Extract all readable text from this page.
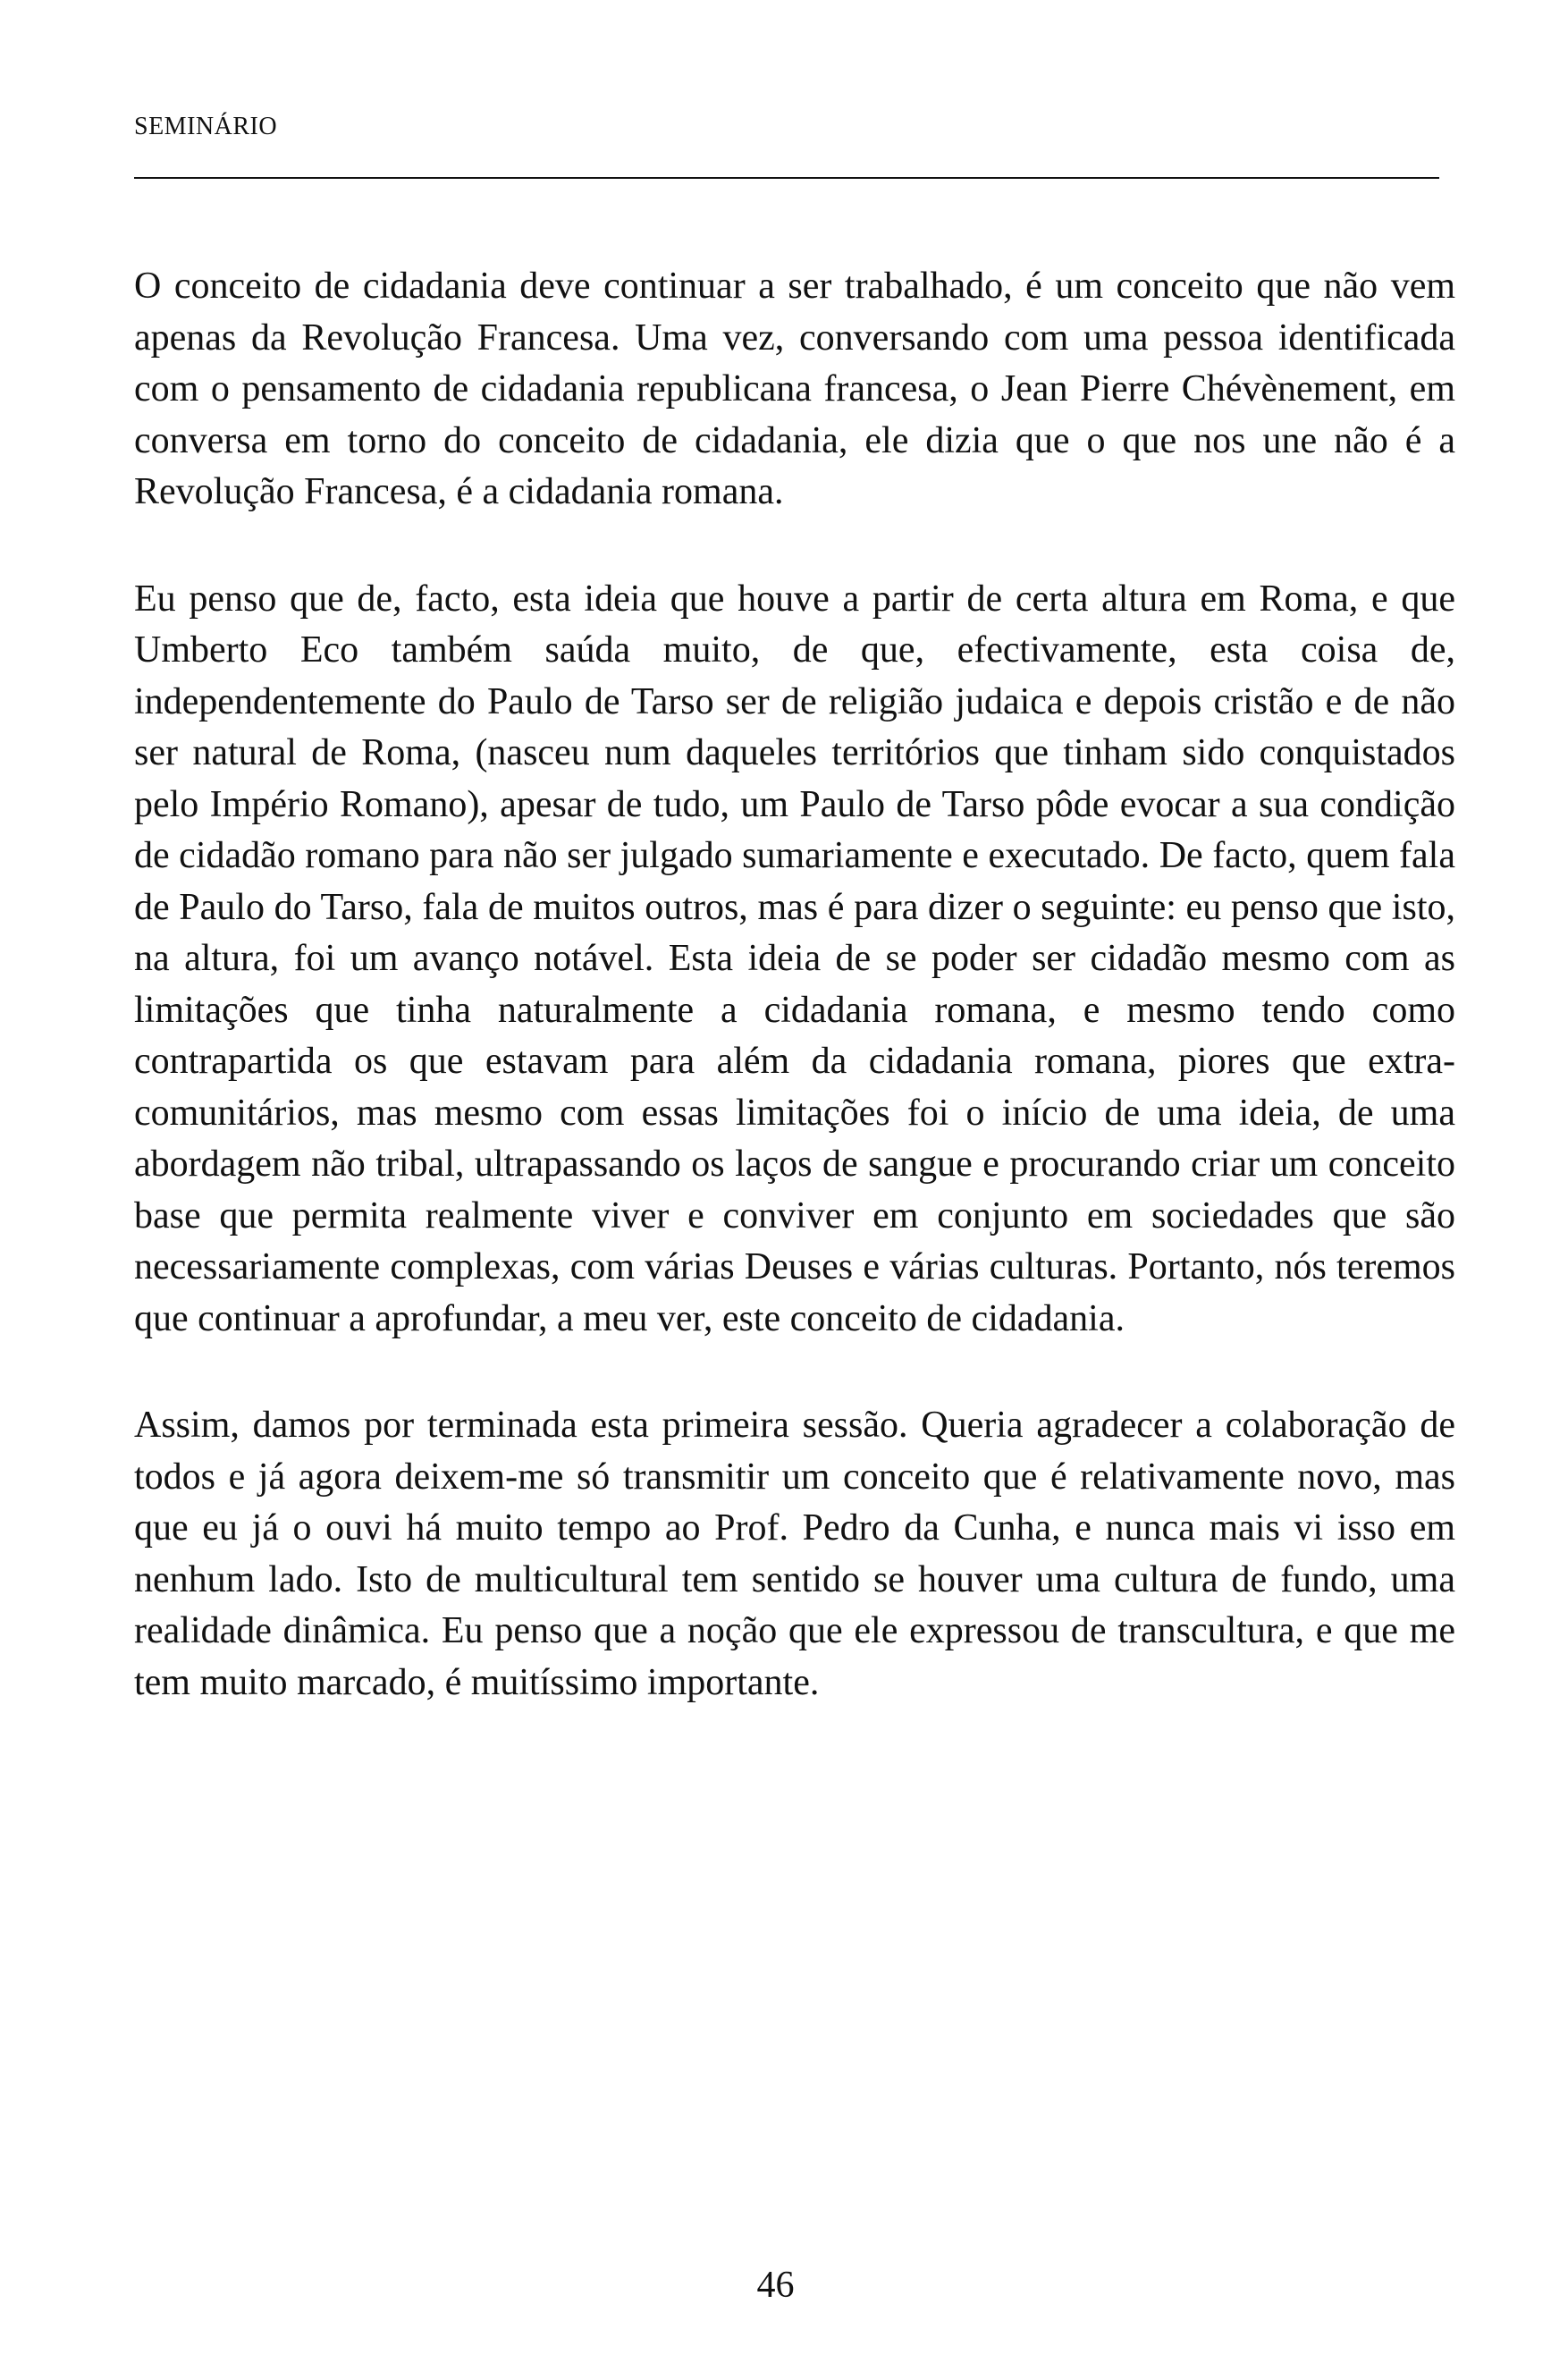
SEMINÁRIO

O conceito de cidadania deve continuar a ser trabalhado, é um conceito que não vem apenas da Revolução Francesa. Uma vez, conversando com uma pessoa identificada com o pensamento de cidadania republicana francesa, o Jean Pierre Chévènement, em conversa em torno do conceito de cidadania, ele dizia que o que nos une não é a Revolução Francesa, é a cidadania romana.

Eu penso que de, facto, esta ideia que houve a partir de certa altura em Roma, e que Umberto Eco também saúda muito, de que, efectivamente, esta coisa de, independentemente do Paulo de Tarso ser de religião judaica e depois cristão e de não ser natural de Roma, (nasceu num daqueles territórios que tinham sido conquistados pelo Império Romano), apesar de tudo, um Paulo de Tarso pôde evocar a sua condição de cidadão romano para não ser julgado sumariamente e executado. De facto, quem fala de Paulo do Tarso, fala de muitos outros, mas é para dizer o seguinte: eu penso que isto, na altura, foi um avanço notável. Esta ideia de se poder ser cidadão mesmo com as limitações que tinha naturalmente a cidadania romana, e mesmo tendo como contrapartida os que estavam para além da cidadania romana, piores que extra-comunitários, mas mesmo com essas limitações foi o início de uma ideia, de uma abordagem não tribal, ultrapassando os laços de sangue e procurando criar um conceito base que permita realmente viver e conviver em conjunto em sociedades que são necessariamente complexas, com várias Deuses e várias culturas. Portanto, nós teremos que continuar a aprofundar, a meu ver, este conceito de cidadania.

Assim, damos por terminada esta primeira sessão. Queria agradecer a colaboração de todos e já agora deixem-me só transmitir um conceito que é relativamente novo, mas que eu já o ouvi há muito tempo ao Prof. Pedro da Cunha, e nunca mais vi isso em nenhum lado. Isto de multicultural tem sentido se houver uma cultura de fundo, uma realidade dinâmica. Eu penso que a noção que ele expressou de transcultura, e que me tem muito marcado, é muitíssimo importante.

46
